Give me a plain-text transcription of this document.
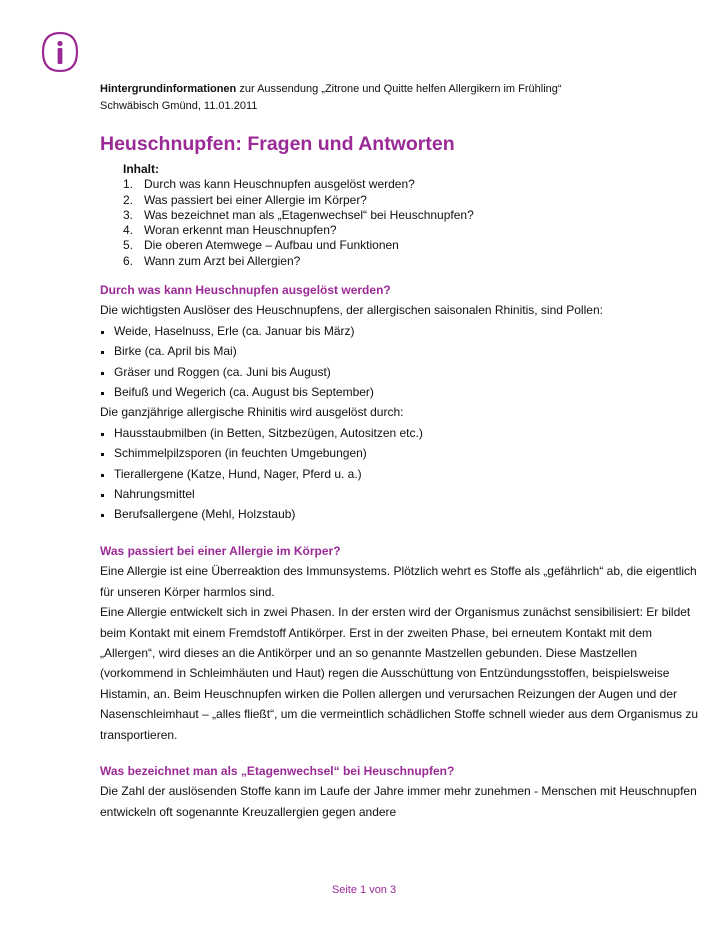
Hintergrundinformationen zur Aussendung „Zitrone und Quitte helfen Allergikern im Frühling“
Schwäbisch Gmünd, 11.01.2011
Heuschnupfen: Fragen und Antworten
Inhalt:
1. Durch was kann Heuschnupfen ausgelöst werden?
2. Was passiert bei einer Allergie im Körper?
3. Was bezeichnet man als „Etagenwechsel“ bei Heuschnupfen?
4. Woran erkennt man Heuschnupfen?
5. Die oberen Atemwege – Aufbau und Funktionen
6. Wann zum Arzt bei Allergien?
Durch was kann Heuschnupfen ausgelöst werden?

Die wichtigsten Auslöser des Heuschnupfens, der allergischen saisonalen Rhinitis, sind Pollen:

Weide, Haselnuss, Erle (ca. Januar bis März)
Birke (ca. April bis Mai)
Gräser und Roggen (ca. Juni bis August)
Beifuß und Wegerich (ca. August bis September)

Die ganzjährige allergische Rhinitis wird ausgelöst durch:

Hausstaubmilben (in Betten, Sitzbezügen, Autositzen etc.)
Schimmelpilzsporen (in feuchten Umgebungen)
Tierallergene (Katze, Hund, Nager, Pferd u. a.)
Nahrungsmittel
Berufsallergene (Mehl, Holzstaub)
Was passiert bei einer Allergie im Körper?

Eine Allergie ist eine Überreaktion des Immunsystems. Plötzlich wehrt es Stoffe als „gefährlich“ ab, die eigentlich für unseren Körper harmlos sind.

Eine Allergie entwickelt sich in zwei Phasen. In der ersten wird der Organismus zunächst sensibilisiert: Er bildet beim Kontakt mit einem Fremdstoff Antikörper. Erst in der zweiten Phase, bei erneutem Kontakt mit dem „Allergen“, wird dieses an die Antikörper und an so genannte Mastzellen gebunden. Diese Mastzellen (vorkommend in Schleimhäuten und Haut) regen die Ausschüttung von Entzündungsstoffen, beispielsweise Histamin, an. Beim Heuschnupfen wirken die Pollen allergen und verursachen Reizungen der Augen und der Nasenschleimhaut – „alles fließt“, um die vermeintlich schädlichen Stoffe schnell wieder aus dem Organismus zu transportieren.

Was bezeichnet man als „Etagenwechsel“ bei Heuschnupfen?

Die Zahl der auslösenden Stoffe kann im Laufe der Jahre immer mehr zunehmen - Menschen mit Heuschnupfen entwickeln oft sogenannte Kreuzallergien gegen andere

Seite 1 von 3
